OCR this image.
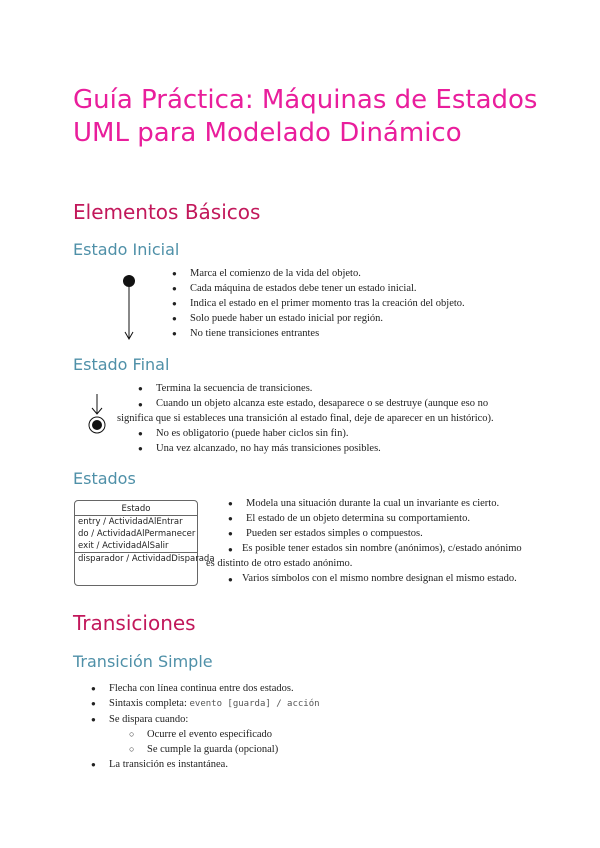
Guía Práctica: Máquinas de Estados UML para Modelado Dinámico
Elementos Básicos
Estado Inicial
● Marca el comienzo de la vida del objeto.
● Cada máquina de estados debe tener un estado inicial.
● Indica el estado en el primer momento tras la creación del objeto.
● Solo puede haber un estado inicial por región.
● No tiene transiciones entrantes
Estado Final
● Termina la secuencia de transiciones.

● Cuando un objeto alcanza este estado, desaparece o se destruye (aunque eso no significa que si estableces una transición al estado final, deje de aparecer en un histórico).

● No es obligatorio (puede haber ciclos sin fin).
● Una vez alcanzado, no hay más transiciones posibles.
Estados
Estado
entry / ActividadAlEntrar
do / ActividadAlPermanecer
exit / ActividadAlSalir
disparador / ActividadDisparada
● Modela una situación durante la cual un invariante es cierto.
● El estado de un objeto determina su comportamiento.
● Pueden ser estados simples o compuestos.

● Es posible tener estados sin nombre (anónimos), c/estado anónimo es distinto de otro estado anónimo.

● Varios símbolos con el mismo nombre designan el mismo estado.

Transiciones
Transición Simple
● Flecha con línea continua entre dos estados.
● Sintaxis completa: evento [guarda] / acción
● Se dispara cuando:
○ Ocurre el evento especificado
○ Se cumple la guarda (opcional)
● La transición es instantánea.
